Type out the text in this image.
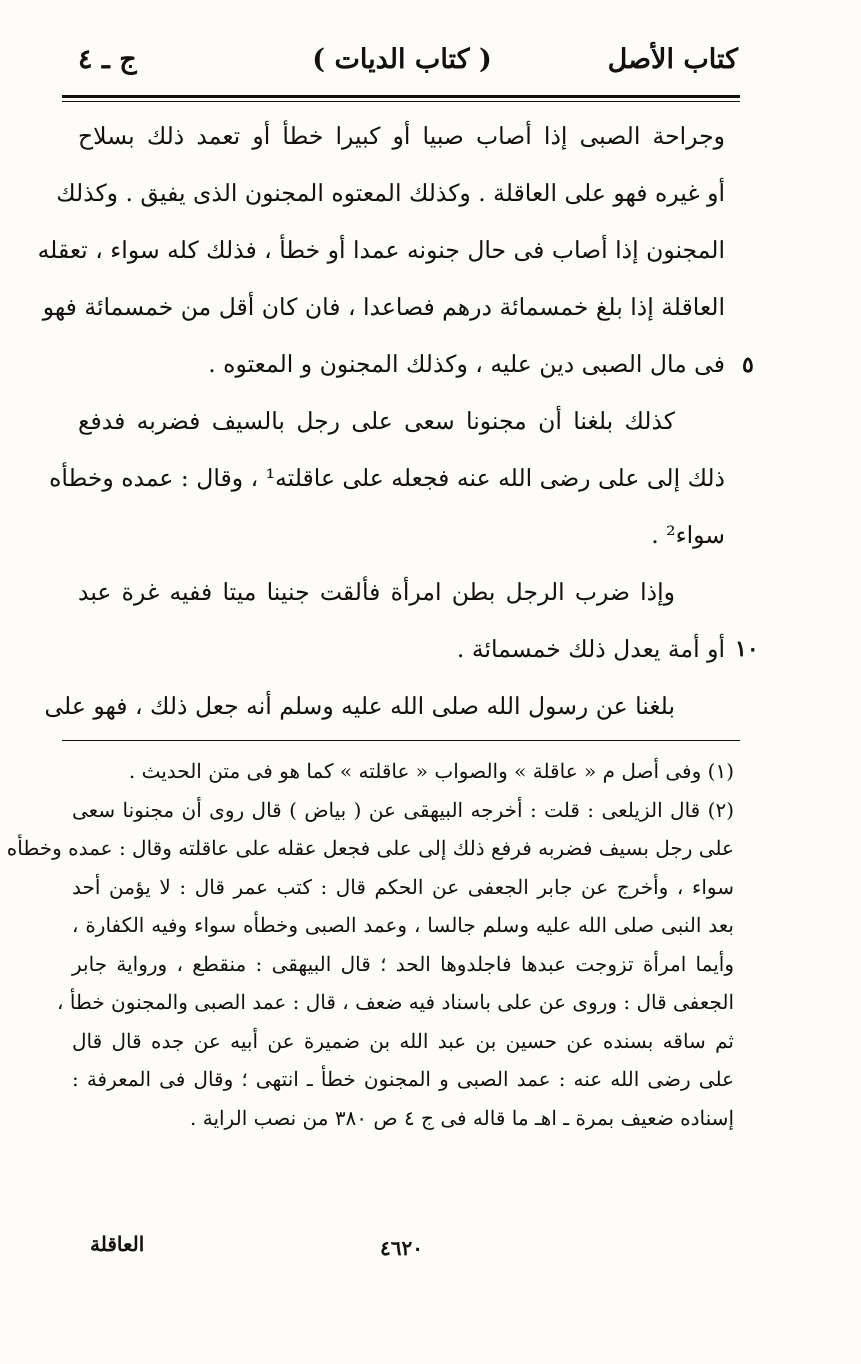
كتاب الأصل
( كتاب الديات )
ج ـ ٤
وجراحة الصبى إذا أصاب صبيا أو كبيرا خطأ أو تعمد ذلك بسلاح
أو غيره فهو على العاقلة . وكذلك المعتوه المجنون الذى يفيق . وكذلك
المجنون إذا أصاب فى حال جنونه عمدا أو خطأ ، فذلك كله سواء ، تعقله
العاقلة إذا بلغ خمسمائة درهم فصاعدا ، فان كان أقل من خمسمائة فهو
فى مال الصبى دين عليه ، وكذلك المجنون و المعتوه .
كذلك بلغنا أن مجنونا سعى على رجل بالسيف فضربه فدفع
ذلك إلى على رضى الله عنه فجعله على عاقلته¹ ، وقال : عمده وخطأه
سواء² .
وإذا ضرب الرجل بطن امرأة فألقت جنينا ميتا ففيه غرة عبد
أو أمة يعدل ذلك خمسمائة .
بلغنا عن رسول الله صلى الله عليه وسلم أنه جعل ذلك ، فهو على
٥
١٠
(١) وفى أصل م « عاقلة » والصواب « عاقلته » كما هو فى متن الحديث .
(٢) قال الزيلعى : قلت : أخرجه البيهقى عن ( بياض ) قال روى أن مجنونا سعى
على رجل بسيف فضربه فرفع ذلك إلى على فجعل عقله على عاقلته وقال : عمده وخطأه
سواء ، وأخرج عن جابر الجعفى عن الحكم قال : كتب عمر قال : لا يؤمن أحد
بعد النبى صلى الله عليه وسلم جالسا ، وعمد الصبى وخطأه سواء وفيه الكفارة ،
وأيما امرأة تزوجت عبدها فاجلدوها الحد ؛ قال البيهقى : منقطع ، ورواية جابر
الجعفى قال : وروى عن على باسناد فيه ضعف ، قال : عمد الصبى والمجنون خطأ ،
ثم ساقه بسنده عن حسين بن عبد الله بن ضميرة عن أبيه عن جده قال قال
على رضى الله عنه : عمد الصبى و المجنون خطأ ـ انتهى ؛ وقال فى المعرفة :
إسناده ضعيف بمرة ـ اهـ ما قاله فى ج ٤ ص ٣٨٠ من نصب الراية .
العاقلة	٤٦٢٠
